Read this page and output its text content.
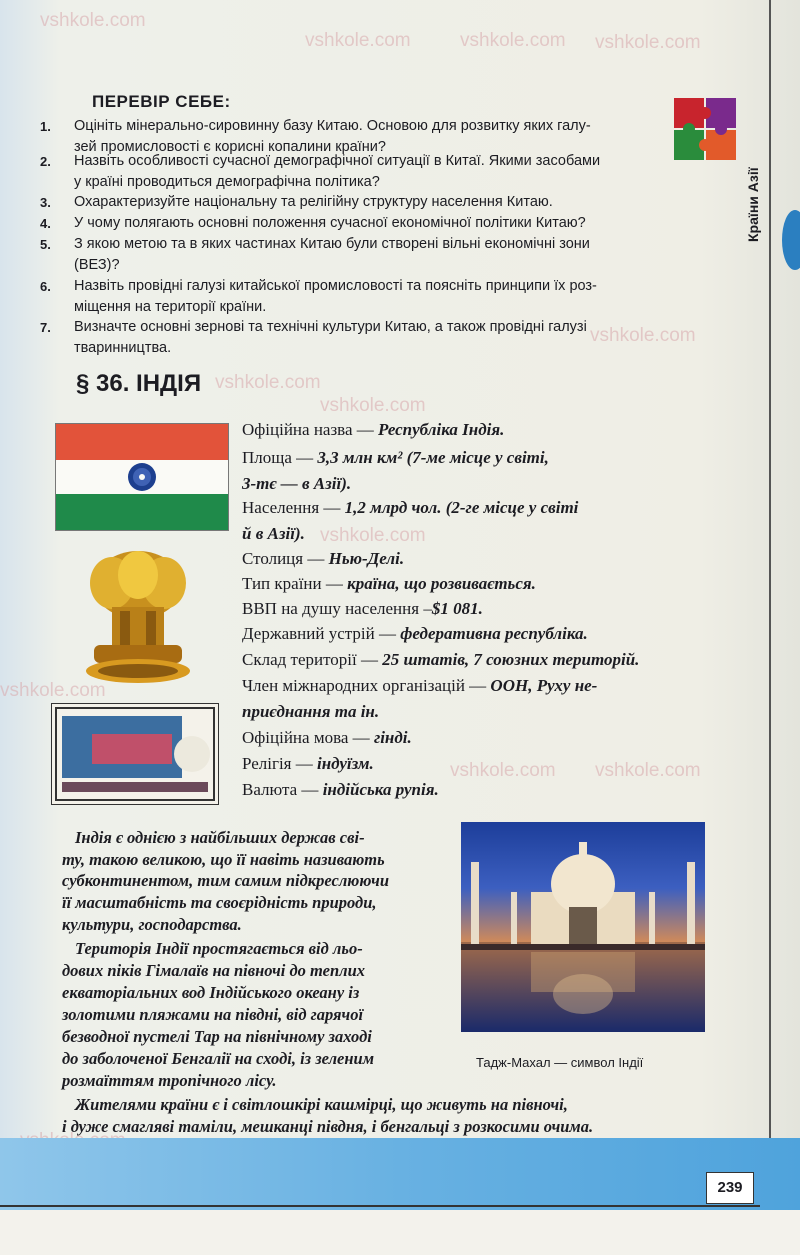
vshkole.com
vshkole.com	vshkole.com vshkole.com
vshkole.com
vshkole.com
vshkole.com
vshkole.com
vshkole.com vshkole.com
vshkole.com
Країни Азії
ПЕРЕВІР СЕБЕ:
1. Оцініть мінерально-сировинну базу Китаю. Основою для розвитку яких галу-
зей промисловості є корисні копалини країни?
2. Назвіть особливості сучасної демографічної ситуації в Китаї. Якими засобами
у країні проводиться демографічна політика?
3. Охарактеризуйте національну та релігійну структуру населення Китаю.
4. У чому полягають основні положення сучасної економічної політики Китаю?
5. З якою метою та в яких частинах Китаю були створені вільні економічні зони
(ВЕЗ)?
6. Назвіть провідні галузі китайської промисловості та поясніть принципи їх роз-
міщення на території країни.
7. Визначте основні зернові та технічні культури Китаю, а також провідні галузі
тваринництва.
§ 36. ІНДІЯ
Офіційна назва — Республіка Індія.
Площа — 3,3 млн км² (7-ме місце у світі,
3-тє — в Азії).
Населення — 1,2 млрд чол. (2-ге місце у світі
й в Азії).
Столиця — Нью-Делі.
Тип країни — країна, що розвивається.
ВВП на душу населення –$1 081.
Державний устрій — федеративна республіка.
Склад території — 25 штатів, 7 союзних територій.
Член міжнародних організацій — ООН, Руху не-
приєднання та ін.
Офіційна мова — гінді.
Релігія — індуїзм.
Валюта — індійська рупія.
Тадж-Махал — символ Індії
Індія є однією з найбільших держав сві-
ту, такою великою, що її навіть називають
субконтинентом, тим самим підкреслюючи
її масштабність та своєрідність природи,
культури, господарства.
Територія Індії простягається від льо-
дових піків Гімалаїв на півночі до теплих
екваторіальних вод Індійського океану із
золотими пляжами на півдні, від гарячої
безводної пустелі Тар на північному заході
до заболоченої Бенгалії на сході, із зеленим
розмаїттям тропічного лісу.
Жителями країни є і світлошкірі кашмірці, що живуть на півночі,
і дуже смагляві таміли, мешканці півдня, і бенгальці з розкосими очима.
239
